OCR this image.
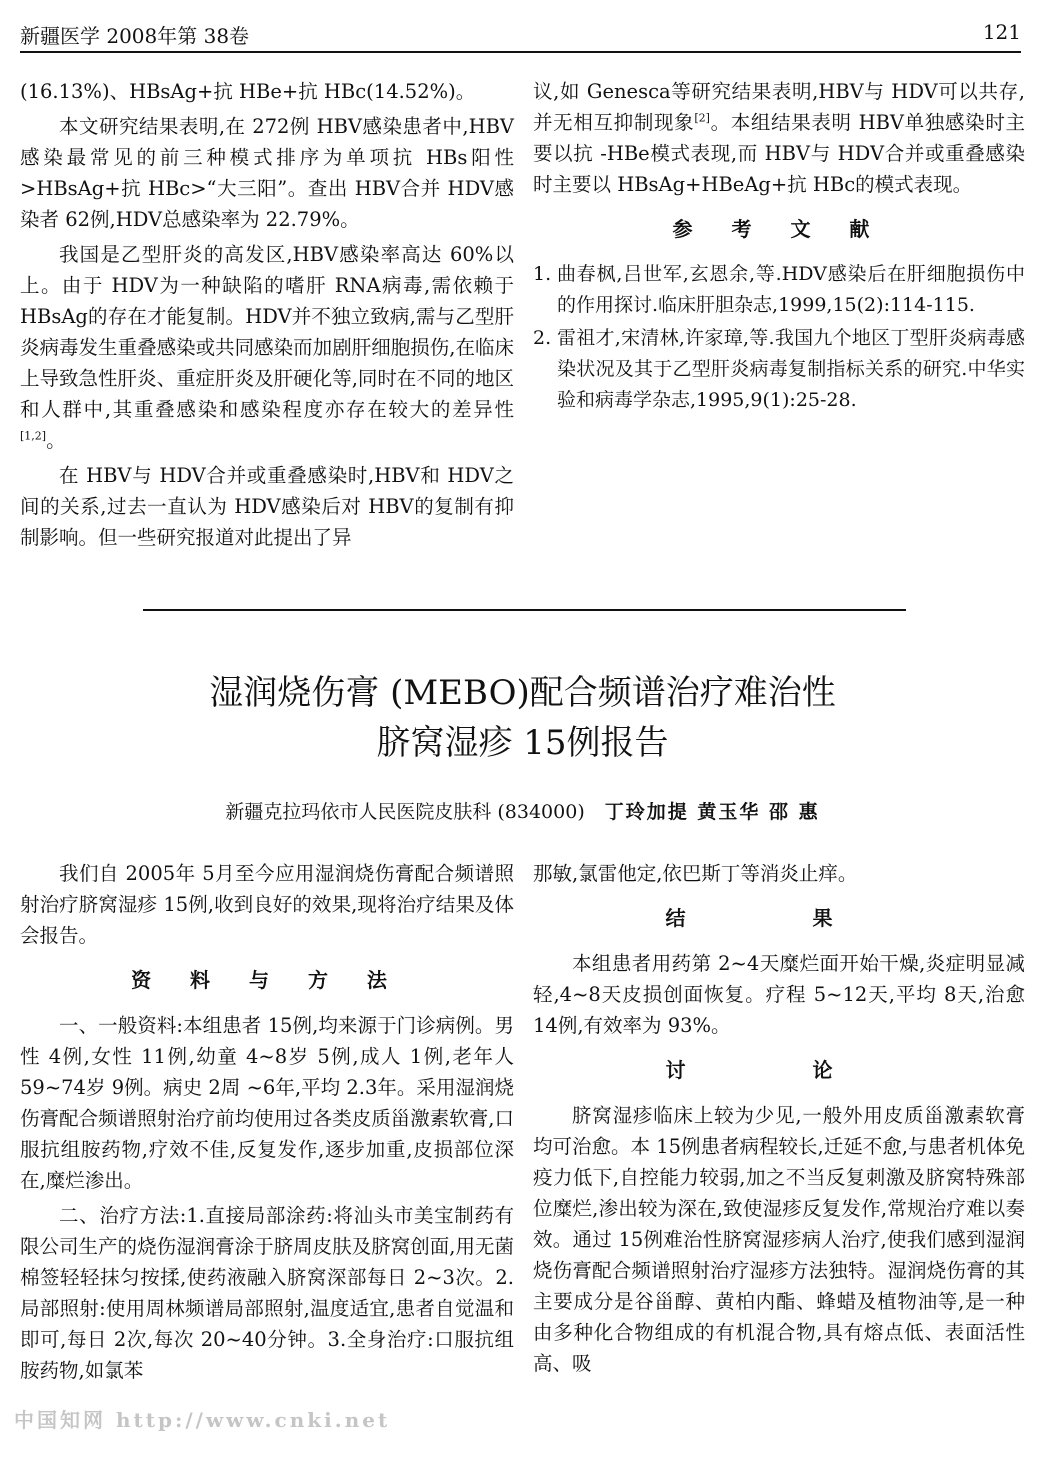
新疆医学 2008年第 38卷	121

(16.13%)、HBsAg+抗 HBe+抗 HBc(14.52%)。

本文研究结果表明,在 272例 HBV感染患者中,HBV感染最常见的前三种模式排序为单项抗 HBs阳性>HBsAg+抗 HBc>“大三阳”。查出 HBV合并 HDV感染者 62例,HDV总感染率为 22.79%。

我国是乙型肝炎的高发区,HBV感染率高达 60%以上。由于 HDV为一种缺陷的嗜肝 RNA病毒,需依赖于 HBsAg的存在才能复制。HDV并不独立致病,需与乙型肝炎病毒发生重叠感染或共同感染而加剧肝细胞损伤,在临床上导致急性肝炎、重症肝炎及肝硬化等,同时在不同的地区和人群中,其重叠感染和感染程度亦存在较大的差异性[1,2]。

在 HBV与 HDV合并或重叠感染时,HBV和 HDV之间的关系,过去一直认为 HDV感染后对 HBV的复制有抑制影响。但一些研究报道对此提出了异

议,如 Genesca等研究结果表明,HBV与 HDV可以共存,并无相互抑制现象[2]。本组结果表明 HBV单独感染时主要以抗 -HBe模式表现,而 HBV与 HDV合并或重叠感染时主要以 HBsAg+HBeAg+抗 HBc的模式表现。

参 考 文 献
1. 曲春枫,吕世军,玄恩余,等.HDV感染后在肝细胞损伤中的作用探讨.临床肝胆杂志,1999,15(2):114-115.
2. 雷祖才,宋清林,许家璋,等.我国九个地区丁型肝炎病毒感染状况及其于乙型肝炎病毒复制指标关系的研究.中华实验和病毒学杂志,1995,9(1):25-28.
湿润烧伤膏 (MEBO)配合频谱治疗难治性
脐窝湿疹 15例报告
新疆克拉玛依市人民医院皮肤科 (834000) 丁玲加提 黄玉华 邵 惠

我们自 2005年 5月至今应用湿润烧伤膏配合频谱照射治疗脐窝湿疹 15例,收到良好的效果,现将治疗结果及体会报告。

资 料 与 方 法

一、一般资料:本组患者 15例,均来源于门诊病例。男性 4例,女性 11例,幼童 4~8岁 5例,成人 1例,老年人 59~74岁 9例。病史 2周 ~6年,平均 2.3年。采用湿润烧伤膏配合频谱照射治疗前均使用过各类皮质甾激素软膏,口服抗组胺药物,疗效不佳,反复发作,逐步加重,皮损部位深在,糜烂渗出。

二、治疗方法:1.直接局部涂药:将汕头市美宝制药有限公司生产的烧伤湿润膏涂于脐周皮肤及脐窝创面,用无菌棉签轻轻抹匀按揉,使药液融入脐窝深部每日 2~3次。2.局部照射:使用周林频谱局部照射,温度适宜,患者自觉温和即可,每日 2次,每次 20~40分钟。3.全身治疗:口服抗组胺药物,如氯苯

那敏,氯雷他定,依巴斯丁等消炎止痒。

结 果

本组患者用药第 2~4天糜烂面开始干燥,炎症明显减轻,4~8天皮损创面恢复。疗程 5~12天,平均 8天,治愈 14例,有效率为 93%。

讨 论

脐窝湿疹临床上较为少见,一般外用皮质甾激素软膏均可治愈。本 15例患者病程较长,迁延不愈,与患者机体免疫力低下,自控能力较弱,加之不当反复刺激及脐窝特殊部位糜烂,渗出较为深在,致使湿疹反复发作,常规治疗难以奏效。通过 15例难治性脐窝湿疹病人治疗,使我们感到湿润烧伤膏配合频谱照射治疗湿疹方法独特。湿润烧伤膏的其主要成分是谷甾醇、黄柏内酯、蜂蜡及植物油等,是一种由多种化合物组成的有机混合物,具有熔点低、表面活性高、吸

中国知网 http://www.cnki.net
